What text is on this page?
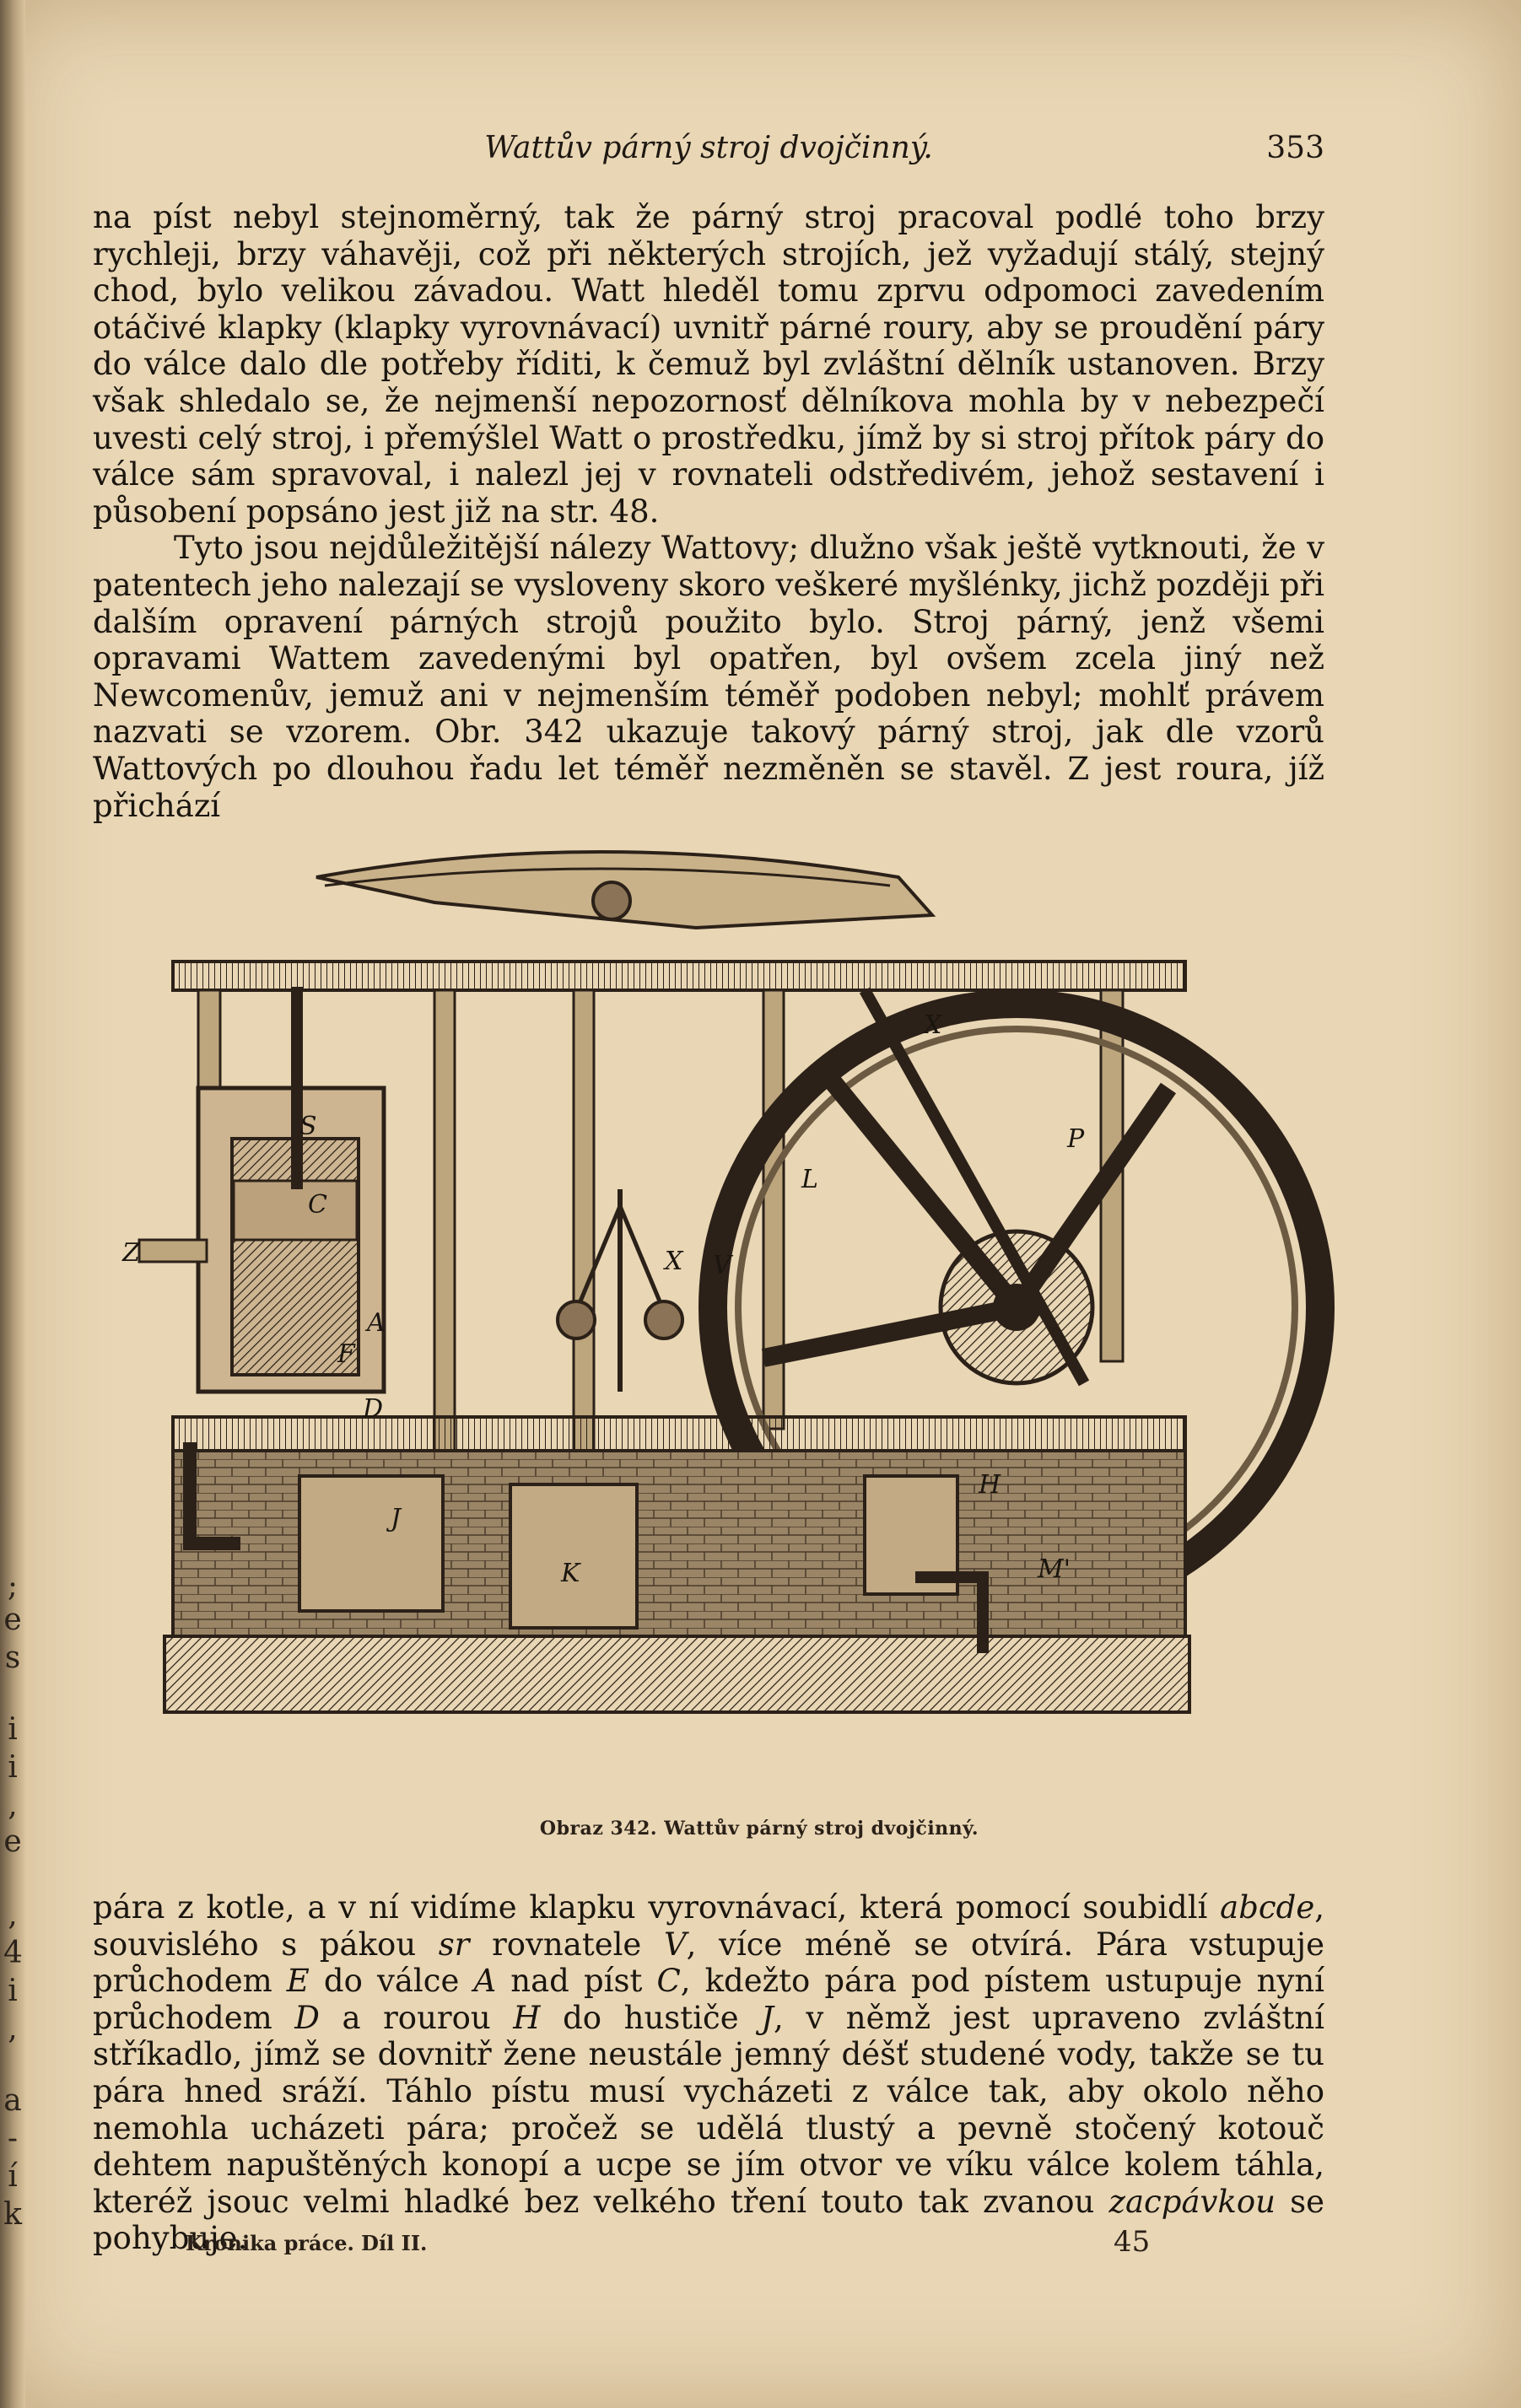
;
e
s
i
i
,
e
,
4
i
,
a
-
í
k
Wattův párný stroj dvojčinný.	353

na píst nebyl stejnoměrný, tak že párný stroj pracoval podlé toho brzy rychleji, brzy váhavěji, což při některých strojích, jež vyžadují stálý, stejný chod, bylo velikou závadou. Watt hleděl tomu zprvu odpomoci zavedením otáčivé klapky (klapky vyrovnávací) uvnitř párné roury, aby se proudění páry do válce dalo dle potřeby říditi, k čemuž byl zvláštní dělník ustanoven. Brzy však shledalo se, že nejmenší nepozornosť dělníkova mohla by v nebezpečí uvesti celý stroj, i přemýšlel Watt o prostředku, jímž by si stroj přítok páry do válce sám spravoval, i nalezl jej v rovnateli odstředivém, jehož sestavení i působení popsáno jest již na str. 48.

Tyto jsou nejdůležitější nálezy Wattovy; dlužno však ještě vytknouti, že v patentech jeho nalezají se vysloveny skoro veškeré myšlénky, jichž později při dalším opravení párných strojů použito bylo. Stroj párný, jenž všemi opravami Wattem zavedenými byl opatřen, byl ovšem zcela jiný než Newcomenův, jemuž ani v nejmenším téměř podoben nebyl; mohlť právem nazvati se vzorem. Obr. 342 ukazuje takový párný stroj, jak dle vzorů Wattových po dlouhou řadu let téměř nezměněn se stavěl. Z jest roura, jíž přichází

Z
A
D
J
K
X
X V
L
P
M'
F
C
S
H
Obraz 342. Wattův párný stroj dvojčinný.

pára z kotle, a v ní vidíme klapku vyrovnávací, která pomocí soubidlí abcde, souvislého s pákou sr rovnatele V, více méně se otvírá. Pára vstupuje průchodem E do válce A nad píst C, kdežto pára pod pístem ustupuje nyní průchodem D a rourou H do hustiče J, v němž jest upraveno zvláštní stříkadlo, jímž se dovnitř žene neustále jemný déšť studené vody, takže se tu pára hned sráží. Táhlo pístu musí vycházeti z válce tak, aby okolo něho nemohla ucházeti pára; pročež se udělá tlustý a pevně stočený kotouč dehtem napuštěných konopí a ucpe se jím otvor ve víku válce kolem táhla, kteréž jsouc velmi hladké bez velkého tření touto tak zvanou zacpávkou se pohybuje.

Kronika práce. Díl II.	45
